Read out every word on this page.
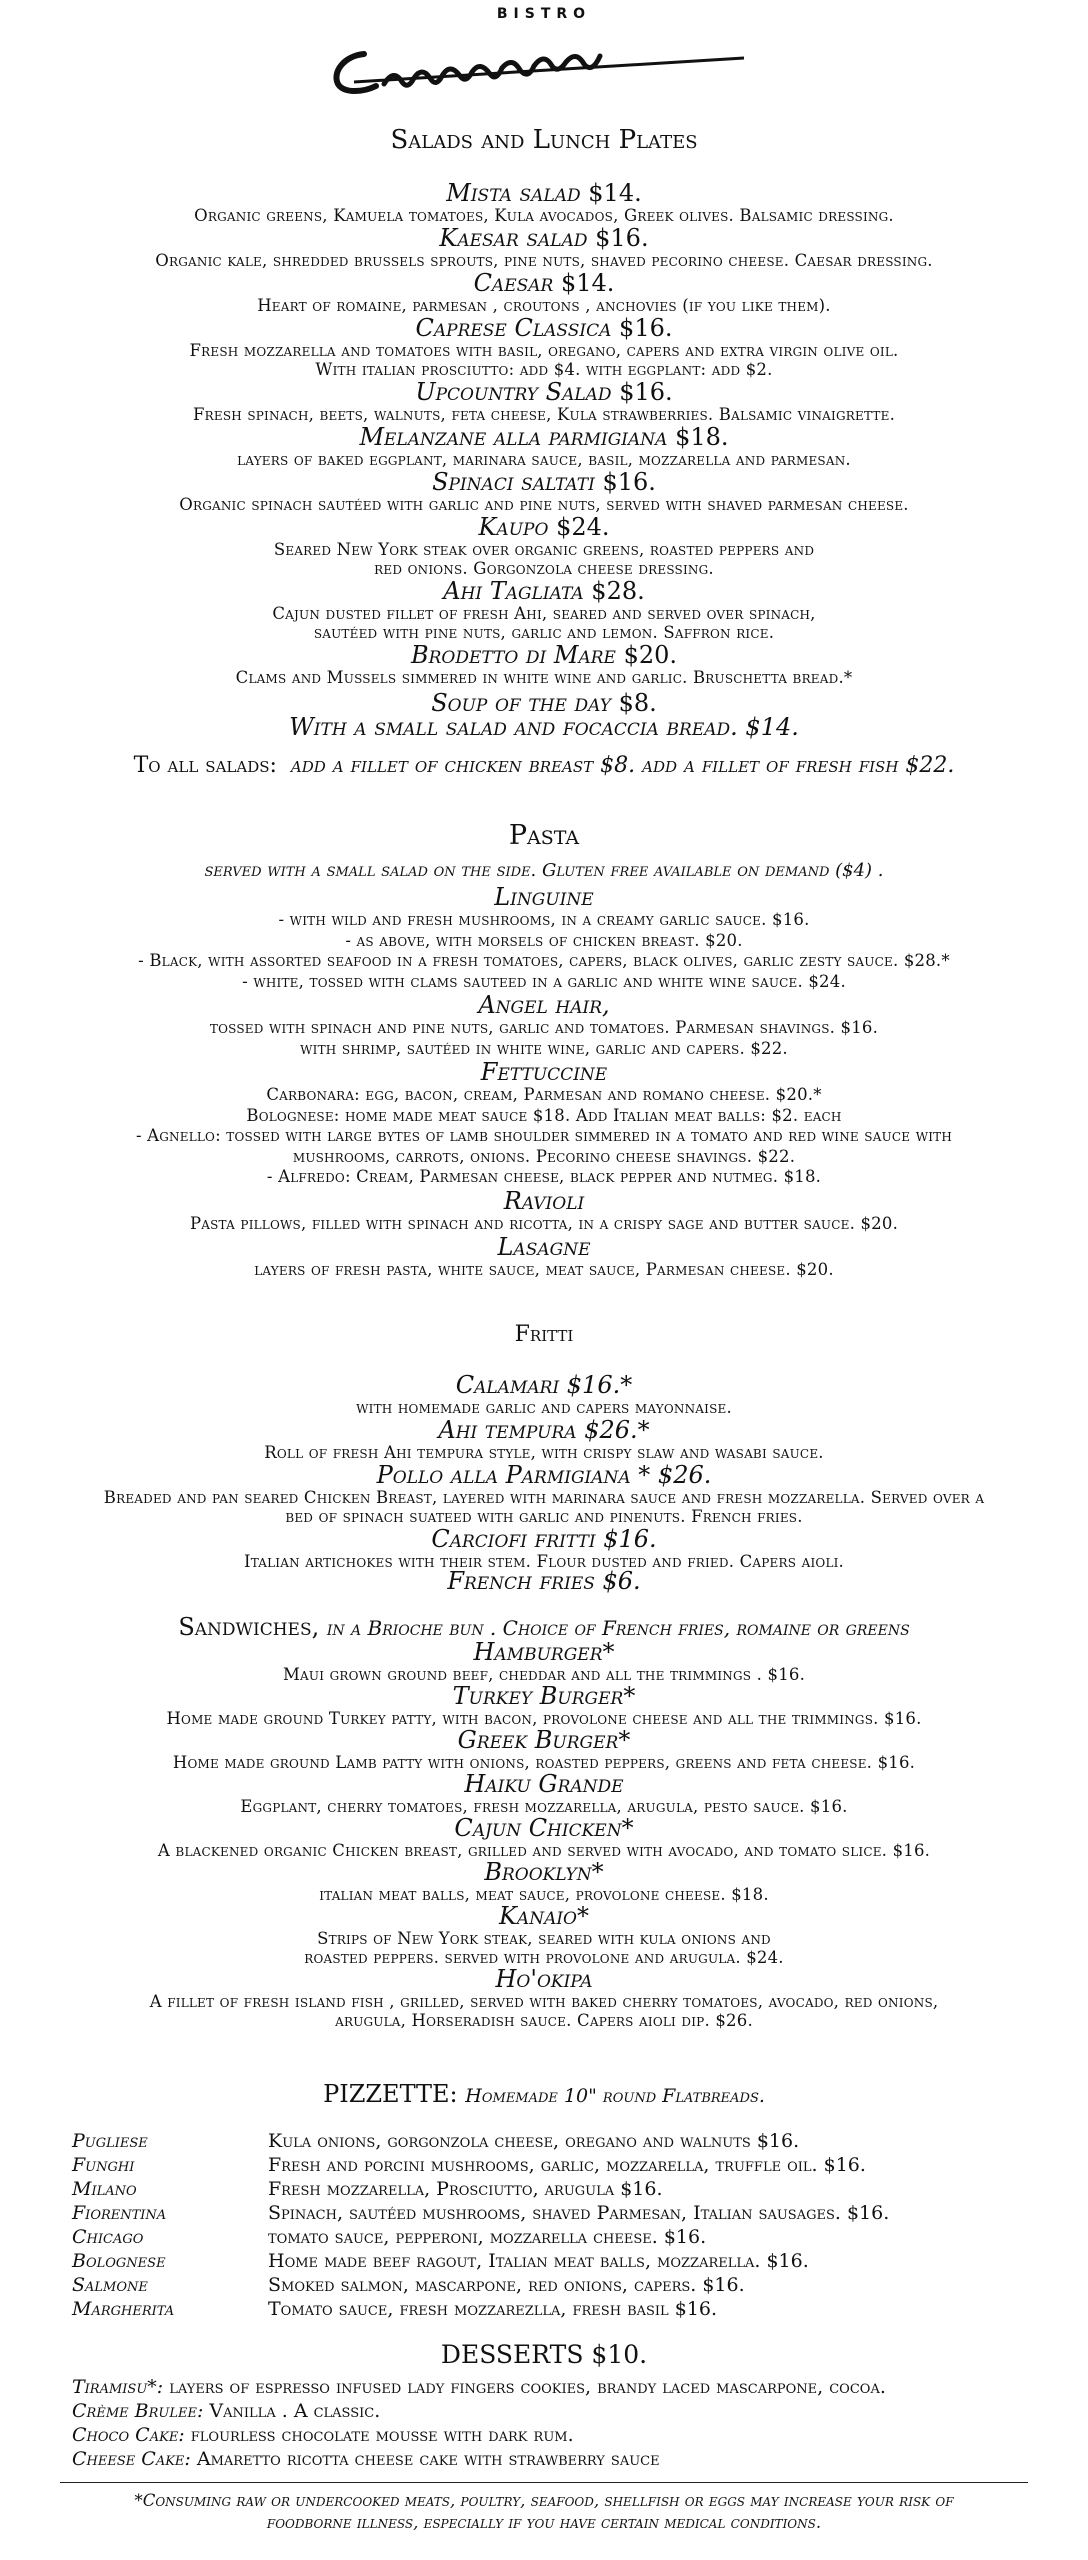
BISTRO
Salads and Lunch Plates
Mista salad $14.
Organic greens, Kamuela tomatoes, Kula avocados, Greek olives. Balsamic dressing.
Kaesar salad $16.
Organic kale, shredded brussels sprouts, pine nuts, shaved pecorino cheese. Caesar dressing.
Caesar $14.
Heart of romaine, parmesan , croutons , anchovies (if you like them).
Caprese Classica $16.
Fresh mozzarella and tomatoes with basil, oregano, capers and extra virgin olive oil.
With italian prosciutto: add $4. with eggplant: add $2.
Upcountry Salad $16.
Fresh spinach, beets, walnuts, feta cheese, Kula strawberries. Balsamic vinaigrette.
Melanzane alla parmigiana $18.
layers of baked eggplant, marinara sauce, basil, mozzarella and parmesan.
Spinaci saltati $16.
Organic spinach sautéed with garlic and pine nuts, served with shaved parmesan cheese.
Kaupo $24.
Seared New York steak over organic greens, roasted peppers and
red onions. Gorgonzola cheese dressing.
Ahi Tagliata $28.
Cajun dusted fillet of fresh Ahi, seared and served over spinach,
sautéed with pine nuts, garlic and lemon. Saffron rice.
Brodetto di Mare $20.
Clams and Mussels simmered in white wine and garlic. Bruschetta bread.*
Soup of the day $8.
With a small salad and focaccia bread. $14.
To all salads: add a fillet of chicken breast $8. add a fillet of fresh fish $22.
Pasta
served with a small salad on the side. Gluten free available on demand ($4) .
Linguine
- with wild and fresh mushrooms, in a creamy garlic sauce. $16.
- as above, with morsels of chicken breast. $20.
- Black, with assorted seafood in a fresh tomatoes, capers, black olives, garlic zesty sauce. $28.*
- white, tossed with clams sauteed in a garlic and white wine sauce. $24.
Angel hair,
tossed with spinach and pine nuts, garlic and tomatoes. Parmesan shavings. $16.
with shrimp, sautéed in white wine, garlic and capers. $22.
Fettuccine
Carbonara: egg, bacon, cream, Parmesan and romano cheese. $20.*
Bolognese: home made meat sauce $18. Add Italian meat balls: $2. each
- Agnello: tossed with large bytes of lamb shoulder simmered in a tomato and red wine sauce with
mushrooms, carrots, onions. Pecorino cheese shavings. $22.
- Alfredo: Cream, Parmesan cheese, black pepper and nutmeg. $18.
Ravioli
Pasta pillows, filled with spinach and ricotta, in a crispy sage and butter sauce. $20.
Lasagne
layers of fresh pasta, white sauce, meat sauce, Parmesan cheese. $20.
Fritti
Calamari $16.*
with homemade garlic and capers mayonnaise.
Ahi tempura $26.*
Roll of fresh Ahi tempura style, with crispy slaw and wasabi sauce.
Pollo alla Parmigiana * $26.
Breaded and pan seared Chicken Breast, layered with marinara sauce and fresh mozzarella. Served over a
bed of spinach suateed with garlic and pinenuts. French fries.
Carciofi fritti $16.
Italian artichokes with their stem. Flour dusted and fried. Capers aioli.
French fries $6.
Sandwiches, in a Brioche bun . Choice of French fries, romaine or greens
Hamburger*
Maui grown ground beef, cheddar and all the trimmings . $16.
Turkey Burger*
Home made ground Turkey patty, with bacon, provolone cheese and all the trimmings. $16.
Greek Burger*
Home made ground Lamb patty with onions, roasted peppers, greens and feta cheese. $16.
Haiku Grande
Eggplant, cherry tomatoes, fresh mozzarella, arugula, pesto sauce. $16.
Cajun Chicken*
A blackened organic Chicken breast, grilled and served with avocado, and tomato slice. $16.
Brooklyn*
italian meat balls, meat sauce, provolone cheese. $18.
Kanaio*
Strips of New York steak, seared with kula onions and
roasted peppers. served with provolone and arugula. $24.
Ho'okipa
A fillet of fresh island fish , grilled, served with baked cherry tomatoes, avocado, red onions,
arugula, Horseradish sauce. Capers aioli dip. $26.
PIZZETTE: Homemade 10" round Flatbreads.
Pugliese	Kula onions, gorgonzola cheese, oregano and walnuts $16.
Funghi	Fresh and porcini mushrooms, garlic, mozzarella, truffle oil. $16.
Milano	Fresh mozzarella, Prosciutto, arugula $16.
Fiorentina	Spinach, sautéed mushrooms, shaved Parmesan, Italian sausages. $16.
Chicago	tomato sauce, pepperoni, mozzarella cheese. $16.
Bolognese	Home made beef ragout, Italian meat balls, mozzarella. $16.
Salmone	Smoked salmon, mascarpone, red onions, capers. $16.
Margherita	Tomato sauce, fresh mozzarezlla, fresh basil $16.
DESSERTS $10.
Tiramisu*: layers of espresso infused lady fingers cookies, brandy laced mascarpone, cocoa.
Crème Brulee: Vanilla . A classic.
Choco Cake: flourless chocolate mousse with dark rum.
Cheese Cake: Amaretto ricotta cheese cake with strawberry sauce
*Consuming raw or undercooked meats, poultry, seafood, shellfish or eggs may increase your risk of
foodborne illness, especially if you have certain medical conditions.
